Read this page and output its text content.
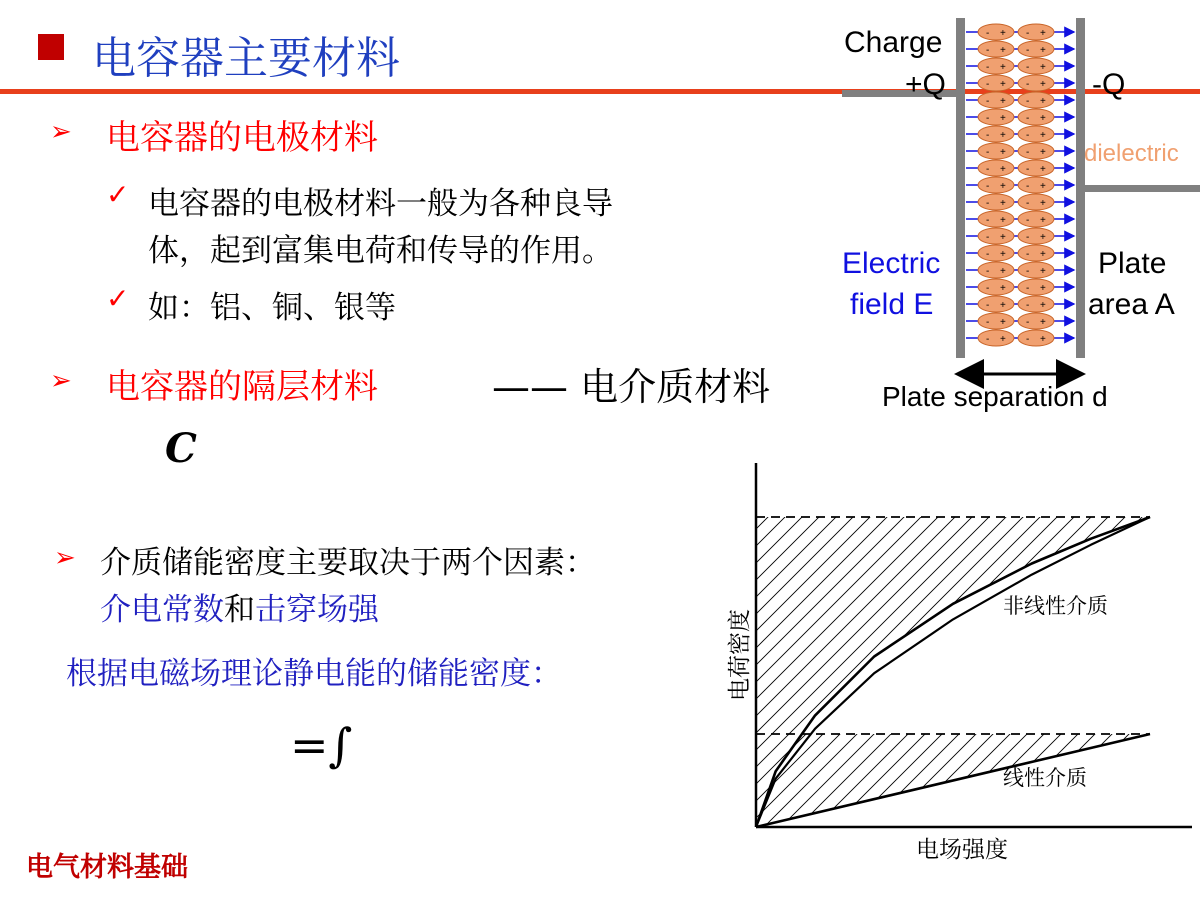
电容器主要材料
➢ 电容器的电极材料
✓ 电容器的电极材料一般为各种良导
体，起到富集电荷和传导的作用。
✓ 如：铝、铜、银等
➢ 电容器的隔层材料	—— 电介质材料
C
➢ 介质储能密度主要取决于两个因素：
介电常数和击穿场强
根据电磁场理论静电能的储能密度：
=∫
电气材料基础
- + - +
- + - +
- + - +
- + - +
- + - +
- + - +
- + - +
- + - +
- + - +
- + - +
- + - +
- + - +
- + - +
- + - +
- + - +
- + - +
- + - +
- + - +
- + - +
Charge
+Q	-Q
dielectric
Electric
field E
Plate
area A
Plate separation d
非线性介质
线性介质
电场强度
电荷密度
